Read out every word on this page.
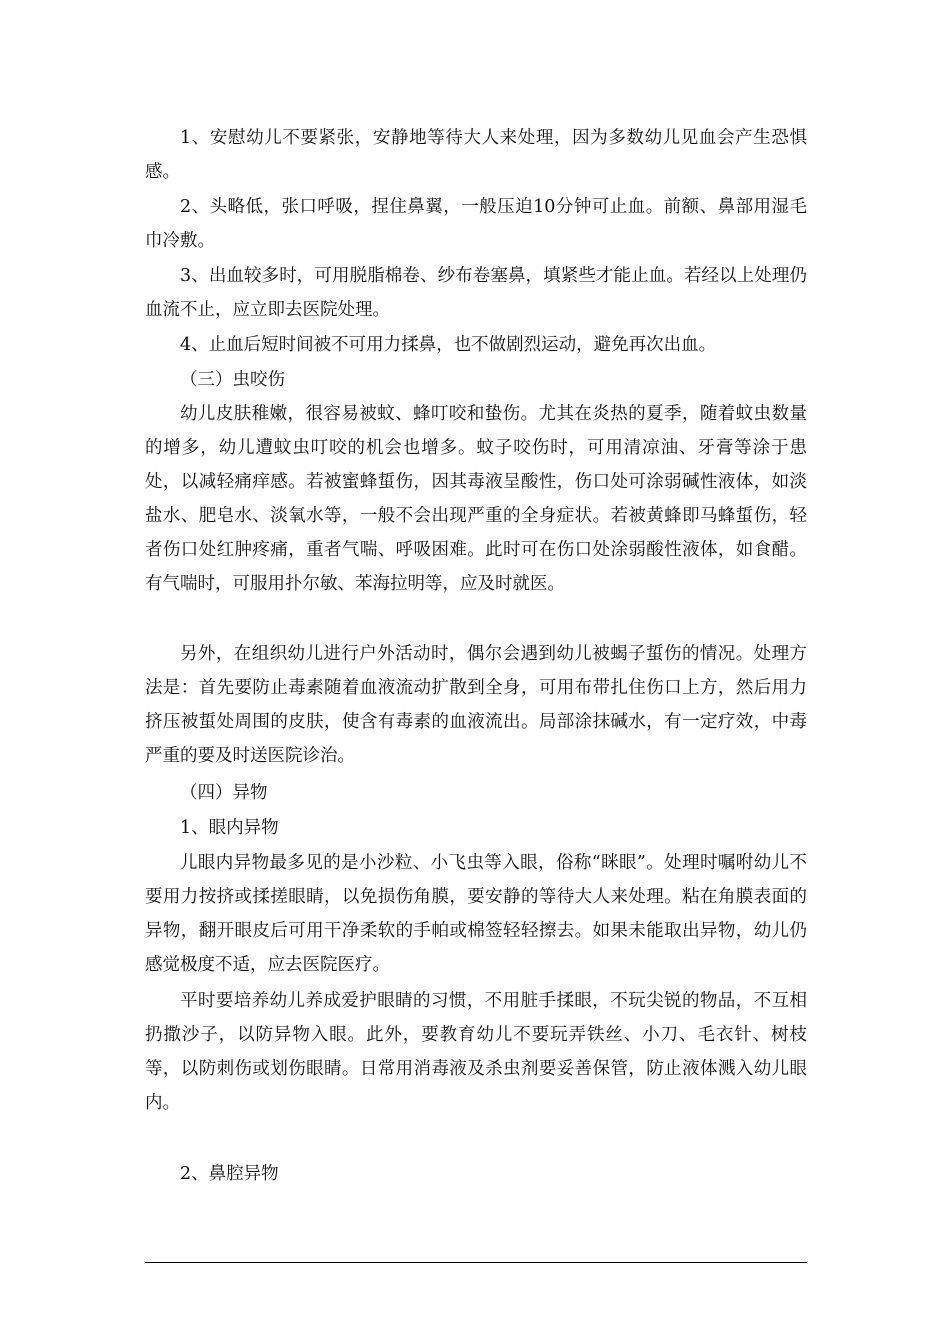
1、安慰幼儿不要紧张，安静地等待大人来处理，因为多数幼儿见血会产生恐惧感。

2、头略低，张口呼吸，捏住鼻翼，一般压迫10分钟可止血。前额、鼻部用湿毛巾冷敷。

3、出血较多时，可用脱脂棉卷、纱布卷塞鼻，填紧些才能止血。若经以上处理仍血流不止，应立即去医院处理。

4、止血后短时间被不可用力揉鼻，也不做剧烈运动，避免再次出血。

（三）虫咬伤

幼儿皮肤稚嫩，很容易被蚊、蜂叮咬和蛰伤。尤其在炎热的夏季，随着蚊虫数量的增多，幼儿遭蚊虫叮咬的机会也增多。蚊子咬伤时，可用清凉油、牙膏等涂于患处，以减轻痛痒感。若被蜜蜂蜇伤，因其毒液呈酸性，伤口处可涂弱碱性液体，如淡盐水、肥皂水、淡氧水等，一般不会出现严重的全身症状。若被黄蜂即马蜂蜇伤，轻者伤口处红肿疼痛，重者气喘、呼吸困难。此时可在伤口处涂弱酸性液体，如食醋。有气喘时，可服用扑尔敏、苯海拉明等，应及时就医。

另外，在组织幼儿进行户外活动时，偶尔会遇到幼儿被蝎子蜇伤的情况。处理方法是：首先要防止毒素随着血液流动扩散到全身，可用布带扎住伤口上方，然后用力挤压被蜇处周围的皮肤，使含有毒素的血液流出。局部涂抹碱水，有一定疗效，中毒严重的要及时送医院诊治。

（四）异物

1、眼内异物

儿眼内异物最多见的是小沙粒、小飞虫等入眼，俗称“眯眼”。处理时嘱咐幼儿不要用力按挤或揉搓眼睛，以免损伤角膜，要安静的等待大人来处理。粘在角膜表面的异物，翻开眼皮后可用干净柔软的手帕或棉签轻轻擦去。如果未能取出异物，幼儿仍感觉极度不适，应去医院医疗。

平时要培养幼儿养成爱护眼睛的习惯，不用脏手揉眼，不玩尖锐的物品，不互相扔撒沙子，以防异物入眼。此外，要教育幼儿不要玩弄铁丝、小刀、毛衣针、树枝等，以防刺伤或划伤眼睛。日常用消毒液及杀虫剂要妥善保管，防止液体溅入幼儿眼内。

2、鼻腔异物
